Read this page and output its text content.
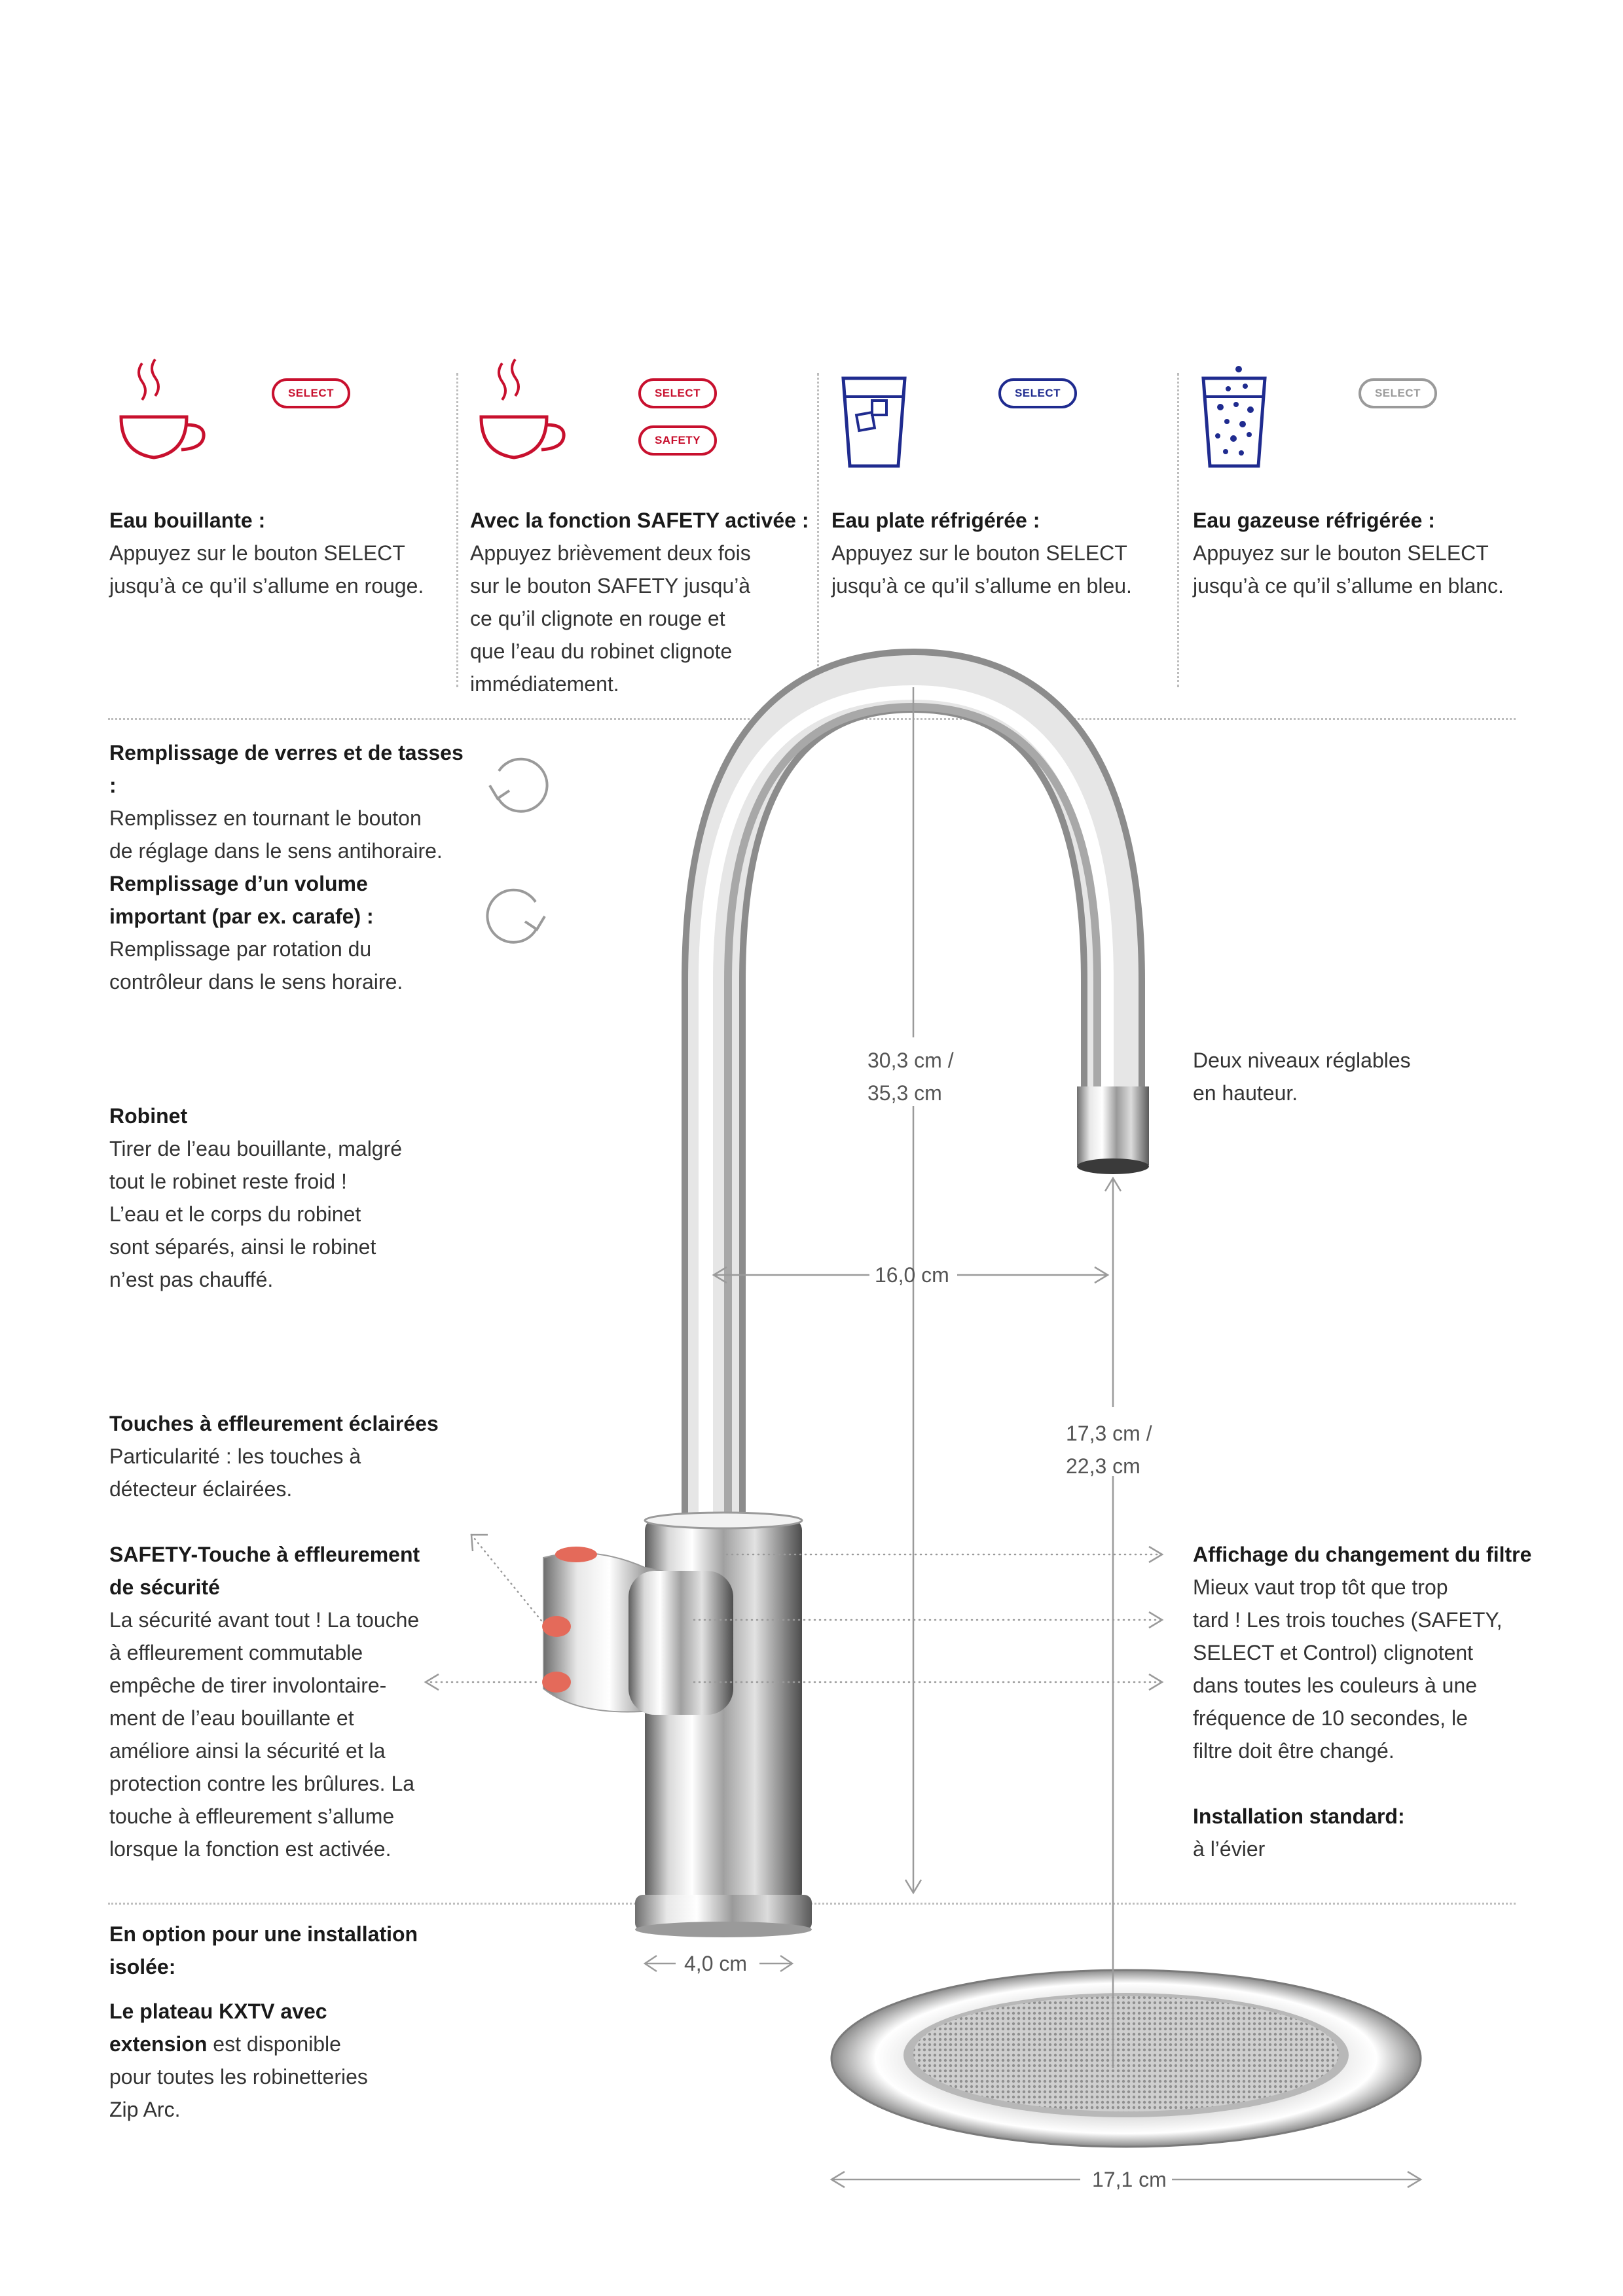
SELECT	SELECT
SAFETY
SELECT	SELECT
Eau bouillante :
Appuyez sur le bouton SELECT
jusqu’à ce qu’il s’allume en rouge.
Avec la fonction SAFETY activée :
Appuyez brièvement deux fois
sur le bouton SAFETY jusqu’à
ce qu’il clignote en rouge et
que l’eau du robinet clignote
immédiatement.
Eau plate réfrigérée :
Appuyez sur le bouton SELECT
jusqu’à ce qu’il s’allume en bleu.
Eau gazeuse réfrigérée :
Appuyez sur le bouton SELECT
jusqu’à ce qu’il s’allume en blanc.
Remplissage de verres et de tasses :
Remplissez en tournant le bouton
de réglage dans le sens antihoraire.
Remplissage d’un volume
important (par ex. carafe) :
Remplissage par rotation du
contrôleur dans le sens horaire.
Robinet
Tirer de l’eau bouillante, malgré
tout le robinet reste froid !
L’eau et le corps du robinet
sont séparés, ainsi le robinet
n’est pas chauffé.
Touches à effleurement éclairées
Particularité : les touches à
détecteur éclairées.
SAFETY-Touche à effleurement
de sécurité
La sécurité avant tout ! La touche
à effleurement commutable
empêche de tirer involontaire-
ment de l’eau bouillante et
améliore ainsi la sécurité et la
protection contre les brûlures. La
touche à effleurement s’allume
lorsque la fonction est activée.
En option pour une installation
isolée:
Le plateau KXTV avec
extension est disponible
pour toutes les robinetteries
Zip Arc.
Deux niveaux réglables
en hauteur.
Affichage du changement du filtre
Mieux vaut trop tôt que trop
tard ! Les trois touches (SAFETY,
SELECT et Control) clignotent
dans toutes les couleurs à une
fréquence de 10 secondes, le
filtre doit être changé.
Installation standard:
à l’évier
30,3 cm /
35,3 cm
16,0 cm
17,3 cm /
22,3 cm
4,0 cm
17,1 cm
